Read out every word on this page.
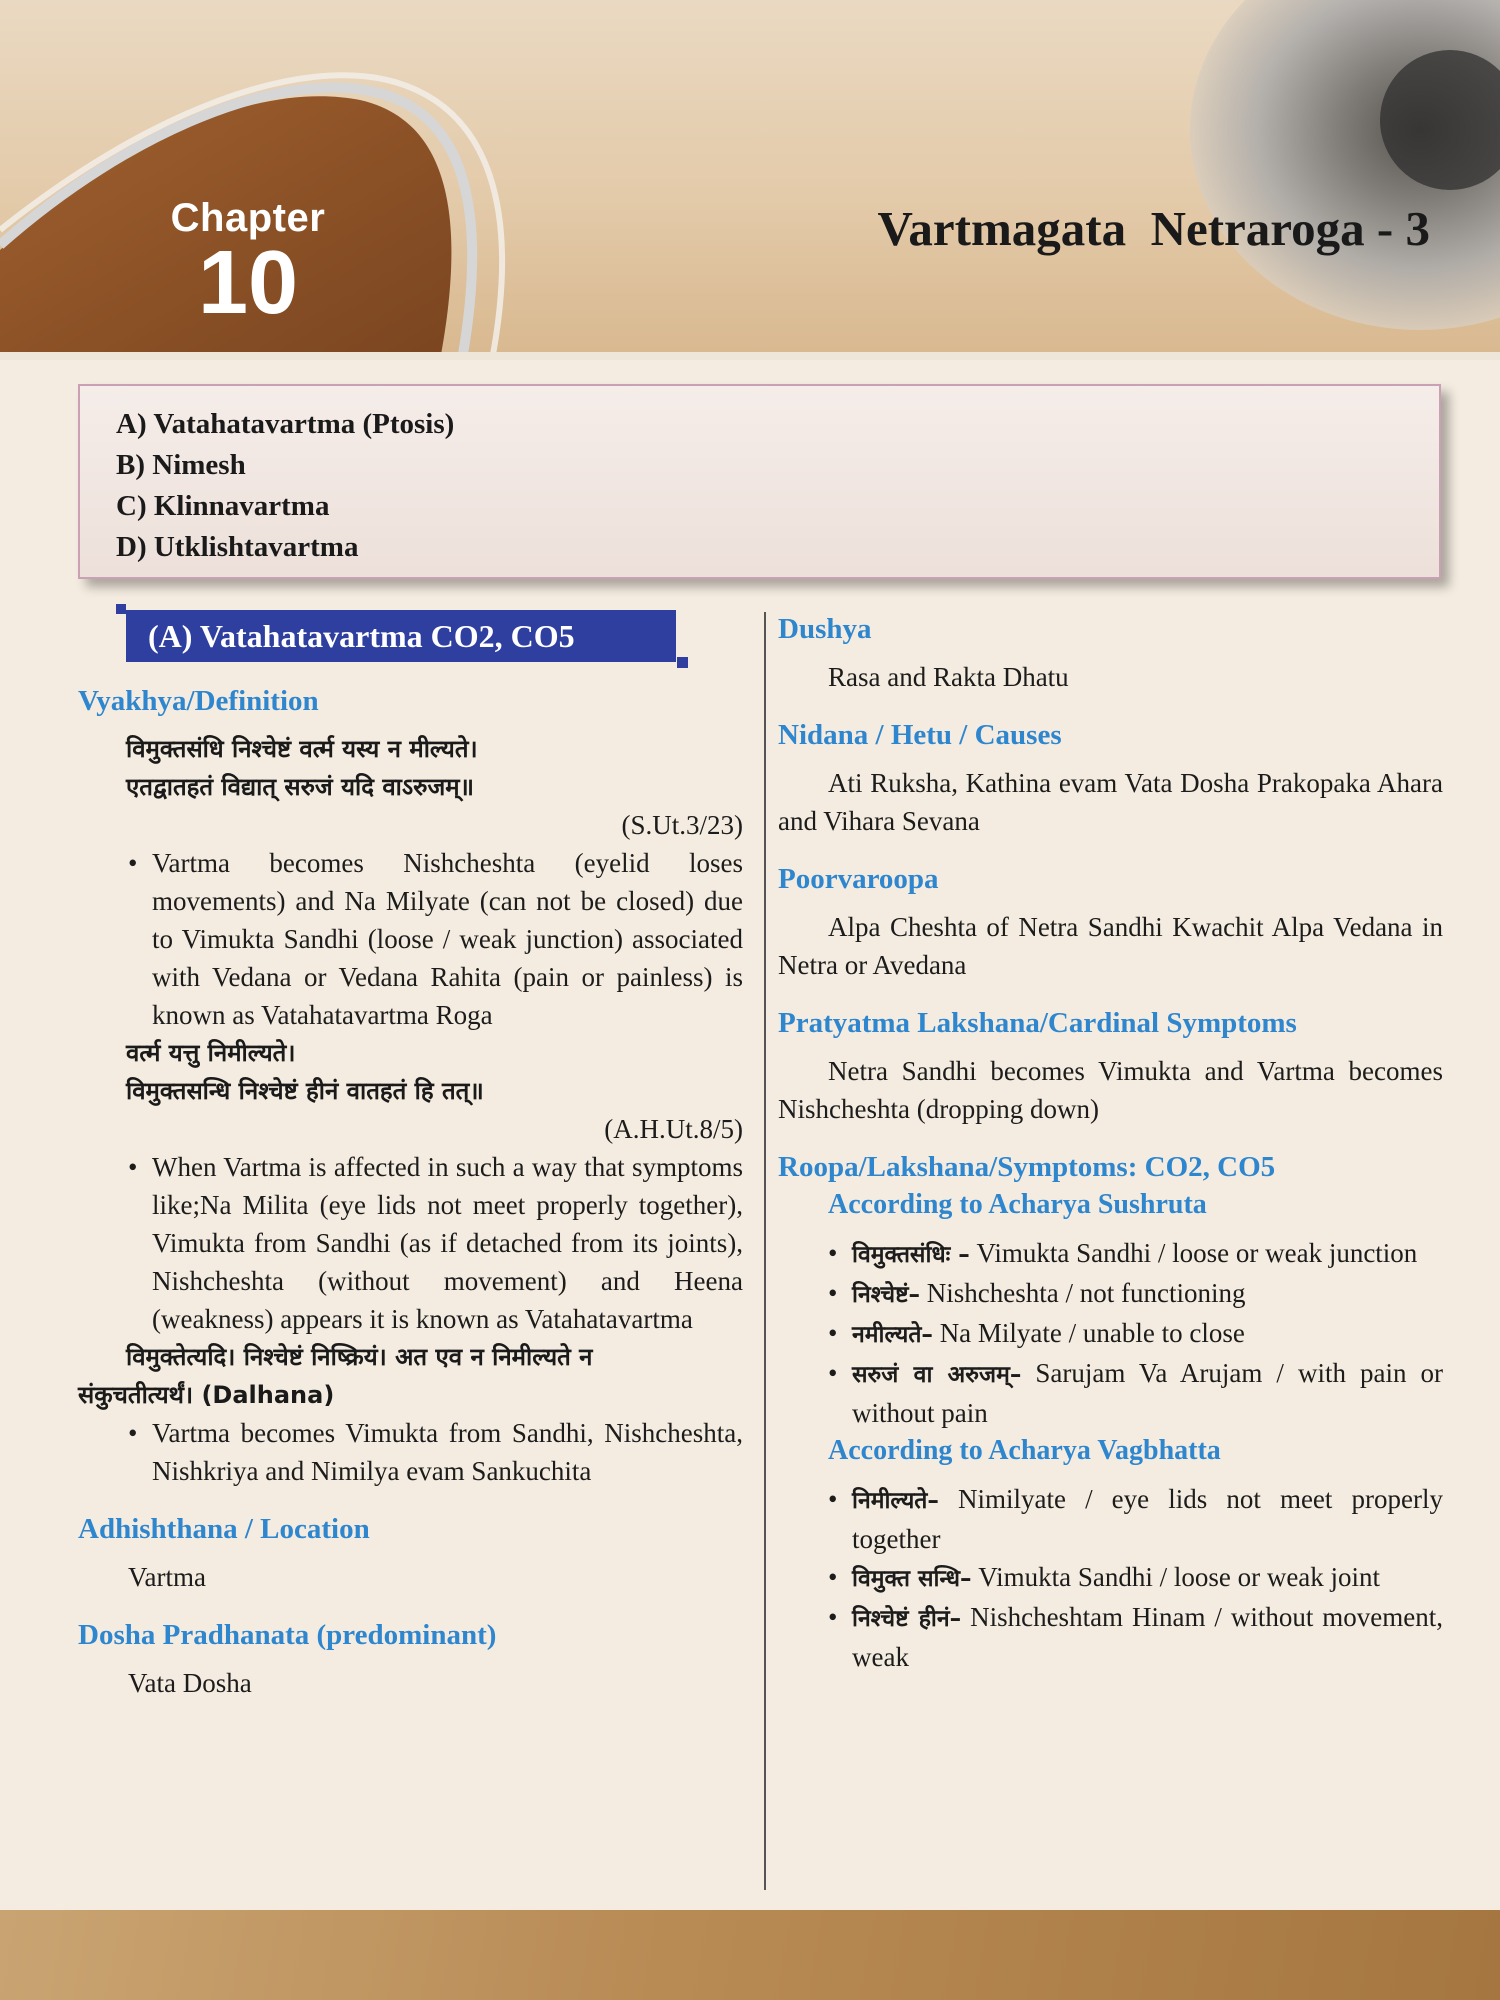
Chapter
10
Vartmagata  Netraroga - 3
A) Vatahatavartma (Ptosis)
B) Nimesh
C) Klinnavartma
D) Utklishtavartma
(A) Vatahatavartma CO2, CO5
Vyakhya/Definition

विमुक्तसंधि निश्चेष्टं वर्त्म यस्य न मील्यते।

एतद्वातहतं विद्यात् सरुजं यदि वाऽरुजम्॥

(S.Ut.3/23)

• Vartma becomes Nishcheshta (eyelid loses movements) and Na Milyate (can not be closed) due to Vimukta Sandhi (loose / weak junction) associated with Vedana or Vedana Rahita (pain or painless) is known as Vatahatavartma Roga

वर्त्म यत्तु निमील्यते।

विमुक्तसन्धि निश्चेष्टं हीनं वातहतं हि तत्॥

(A.H.Ut.8/5)

• When Vartma is affected in such a way that symptoms like;Na Milita (eye lids not meet properly together), Vimukta from Sandhi (as if detached from its joints), Nishcheshta (without movement) and Heena (weakness) appears it is known as Vatahatavartma

विमुक्तेत्यदि। निश्चेष्टं निष्क्रियं। अत एव न निमील्यते न

संकुचतीत्यर्थं। (Dalhana)

• Vartma becomes Vimukta from Sandhi, Nishcheshta, Nishkriya and Nimilya evam Sankuchita
Adhishthana / Location

Vartma

Dosha Pradhanata (predominant)

Vata Dosha

Dushya

Rasa and Rakta Dhatu

Nidana / Hetu / Causes

Ati Ruksha, Kathina evam Vata Dosha Prakopaka Ahara and Vihara Sevana

Poorvaroopa

Alpa Cheshta of Netra Sandhi Kwachit Alpa Vedana in Netra or Avedana

Pratyatma Lakshana/Cardinal Symptoms

Netra Sandhi becomes Vimukta and Vartma becomes Nishcheshta (dropping down)

Roopa/Lakshana/Symptoms: CO2, CO5
According to Acharya Sushruta
• विमुक्तसंधिः – Vimukta Sandhi / loose or weak junction
• निश्चेष्टं– Nishcheshta / not functioning
• नमील्यते– Na Milyate / unable to close
• सरुजं वा अरुजम्– Sarujam Va Arujam / with pain or without pain
According to Acharya Vagbhatta
• निमील्यते– Nimilyate / eye lids not meet properly together
• विमुक्त सन्धि– Vimukta Sandhi / loose or weak joint
• निश्चेष्टं हीनं– Nishcheshtam Hinam / without movement, weak
